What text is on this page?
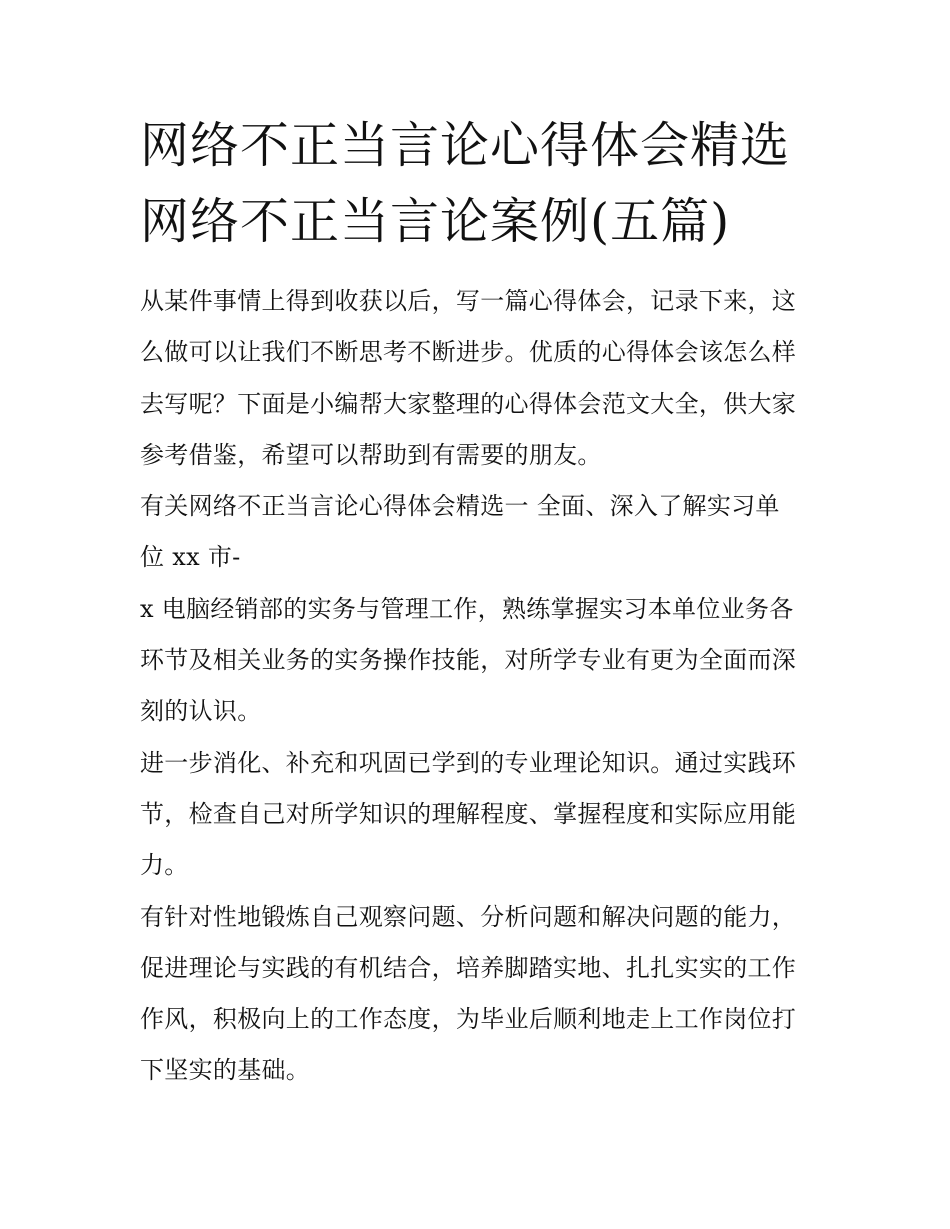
网络不正当言论心得体会精选
网络不正当言论案例(五篇)
从某件事情上得到收获以后，写一篇心得体会，记录下来，这
么做可以让我们不断思考不断进步。优质的心得体会该怎么样
去写呢？下面是小编帮大家整理的心得体会范文大全，供大家
参考借鉴，希望可以帮助到有需要的朋友。
有关网络不正当言论心得体会精选一 全面、深入了解实习单
位 xx 市-
x 电脑经销部的实务与管理工作，熟练掌握实习本单位业务各
环节及相关业务的实务操作技能，对所学专业有更为全面而深
刻的认识。
进一步消化、补充和巩固已学到的专业理论知识。通过实践环
节，检查自己对所学知识的理解程度、掌握程度和实际应用能
力。
有针对性地锻炼自己观察问题、分析问题和解决问题的能力，
促进理论与实践的有机结合，培养脚踏实地、扎扎实实的工作
作风，积极向上的工作态度，为毕业后顺利地走上工作岗位打
下坚实的基础。
